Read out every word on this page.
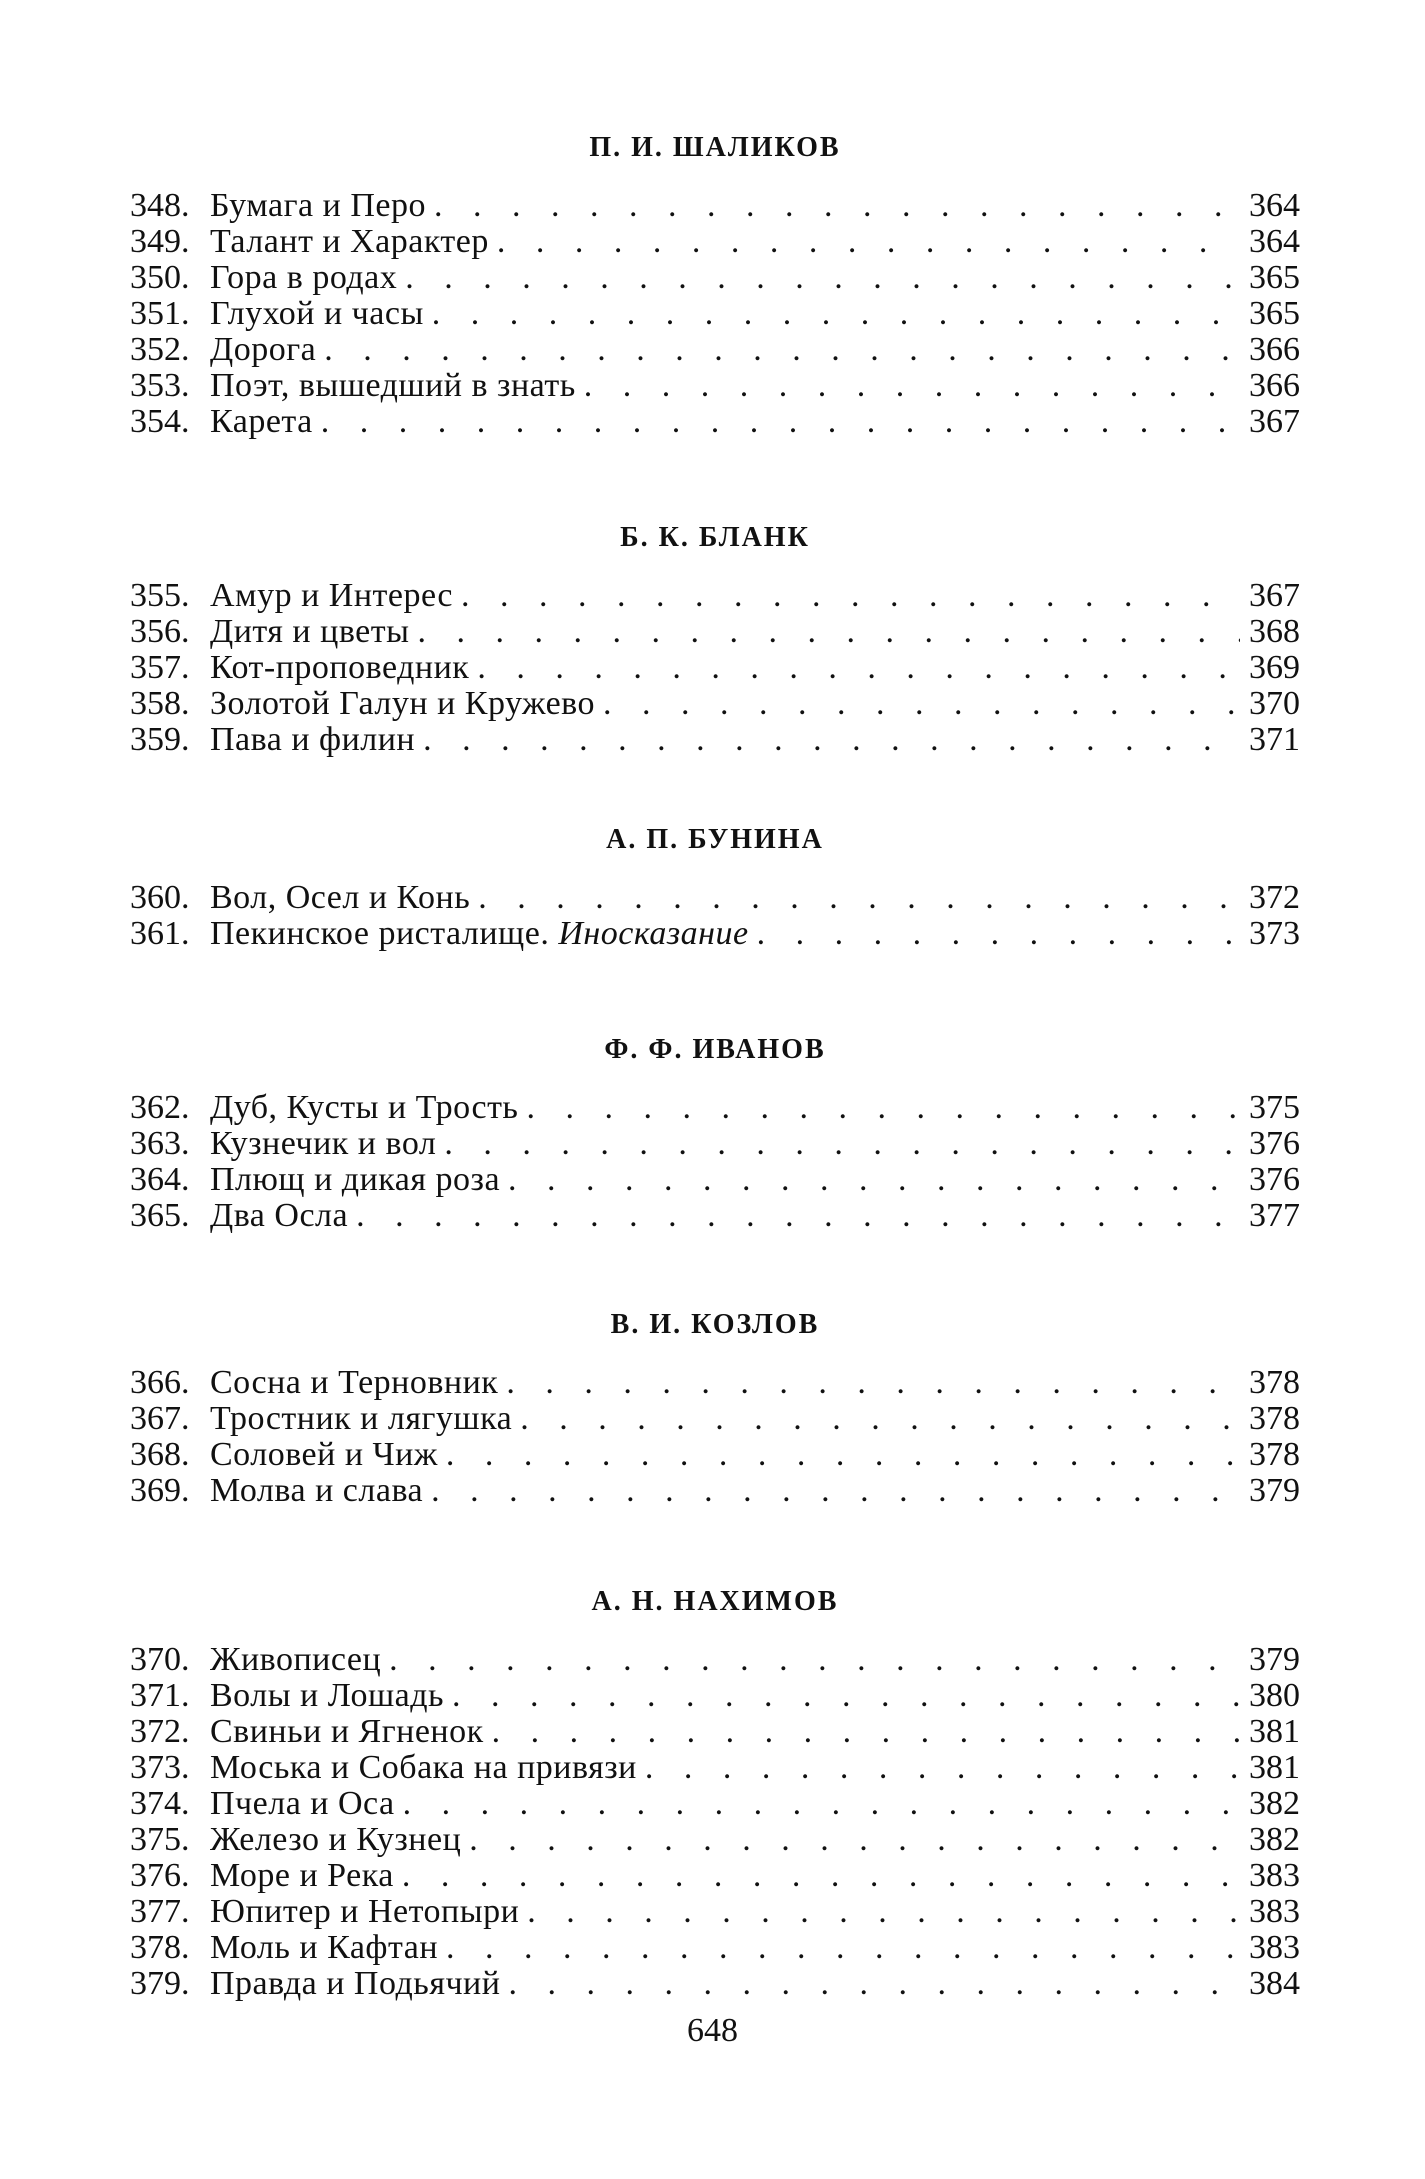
П. И. ШАЛИКОВ
348. Бумага и Перо . . .	364
349. Талант и Характер . . .	364
350. Гора в родах . . .	365
351. Глухой и часы . . .	365
352. Дорога . . .	366
353. Поэт, вышедший в знать . . .	366
354. Карета . . .	367
Б. К. БЛАНК
355. Амур и Интерес . . .	367
356. Дитя и цветы . . .	368
357. Кот-проповедник . . .	369
358. Золотой Галун и Кружево . . .	370
359. Пава и филин . . .	371
А. П. БУНИНА
360. Вол, Осел и Конь . . .	372
361. Пекинское ристалище. Иносказание . . .	373
Ф. Ф. ИВАНОВ
362. Дуб, Кусты и Трость . . .	375
363. Кузнечик и вол . . .	376
364. Плющ и дикая роза . . .	376
365. Два Осла . . .	377
В. И. КОЗЛОВ
366. Сосна и Терновник . . .	378
367. Тростник и лягушка . . .	378
368. Соловей и Чиж . . .	378
369. Молва и слава . . .	379
А. Н. НАХИМОВ
370. Живописец . . .	379
371. Волы и Лошадь . . .	380
372. Свиньи и Ягненок . . .	381
373. Моська и Собака на привязи . . .	381
374. Пчела и Оса . . .	382
375. Железо и Кузнец . . .	382
376. Море и Река . . .	383
377. Юпитер и Нетопыри . . .	383
378. Моль и Кафтан . . .	383
379. Правда и Подьячий . . .	384
648
